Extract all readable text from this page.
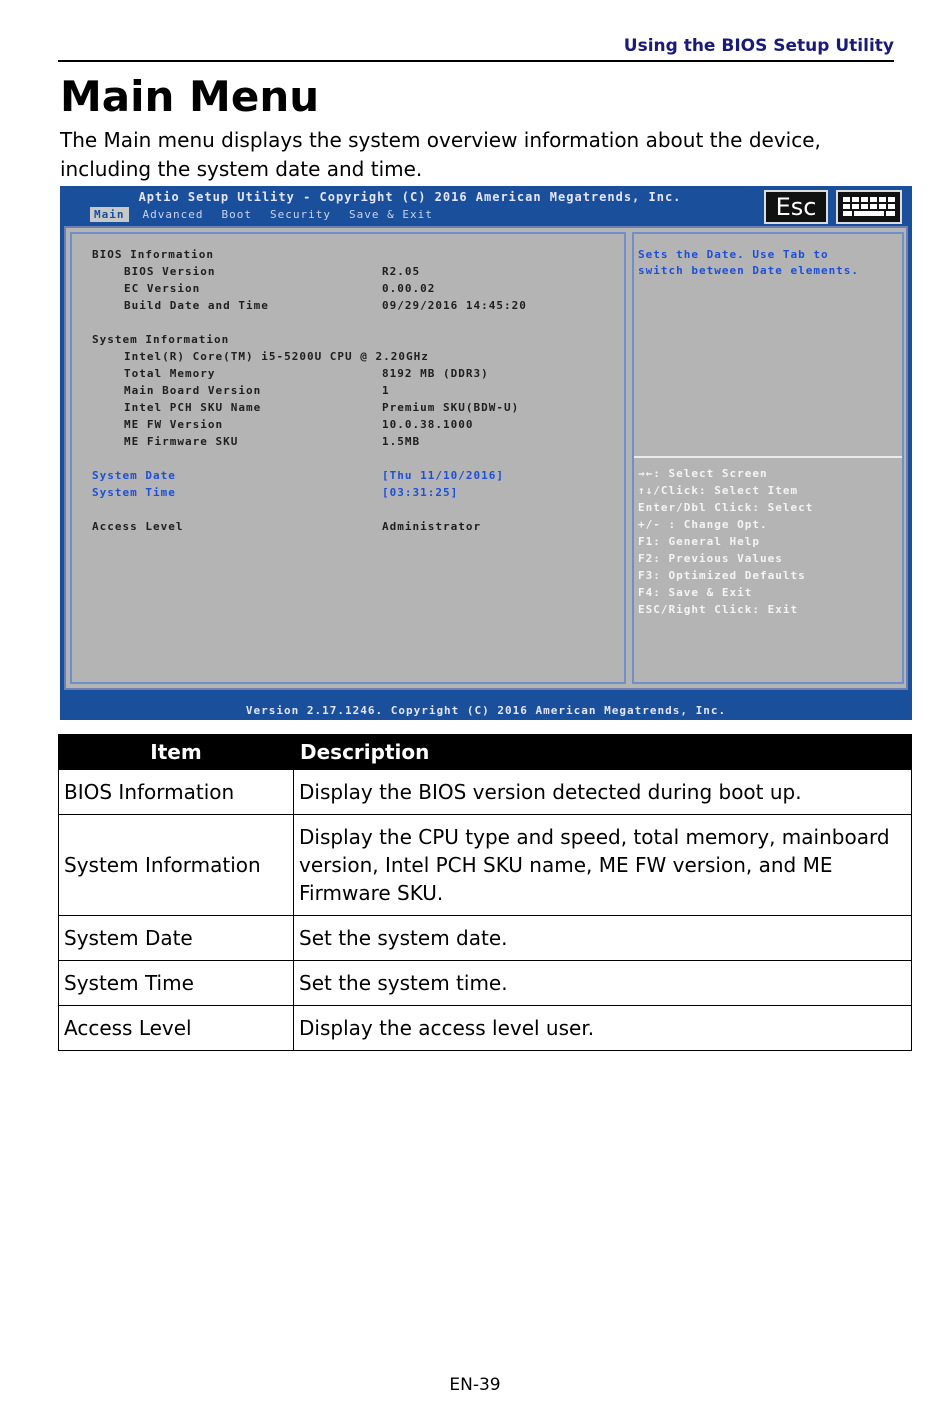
Using the BIOS Setup Utility
Main Menu

The Main menu displays the system overview information about the device, including the system date and time.

Aptio Setup Utility - Copyright (C) 2016 American Megatrends, Inc.
Main	Advanced	Boot	Security	Save & Exit	Esc
BIOS Information
BIOS Version	R2.05
EC Version	0.00.02
Build Date and Time	09/29/2016 14:45:20
System Information
Intel(R) Core(TM) i5-5200U CPU @ 2.20GHz
Total Memory	8192 MB (DDR3)
Main Board Version	1
Intel PCH SKU Name	Premium SKU(BDW-U)
ME FW Version	10.0.38.1000
ME Firmware SKU	1.5MB
System Date	[Thu 11/10/2016]
System Time	[03:31:25]
Access Level	Administrator
Sets the Date. Use Tab to
switch between Date elements.
→←: Select Screen
↑↓/Click: Select Item
Enter/Dbl Click: Select
+/- : Change Opt.
F1: General Help
F2: Previous Values
F3: Optimized Defaults
F4: Save & Exit
ESC/Right Click: Exit
Version 2.17.1246. Copyright (C) 2016 American Megatrends, Inc.
Item	Description
BIOS Information	Display the BIOS version detected during boot up.
System Information	Display the CPU type and speed, total memory, mainboard version, Intel PCH SKU name, ME FW version, and ME Firmware SKU.
System Date	Set the system date.
System Time	Set the system time.
Access Level	Display the access level user.
EN-39
